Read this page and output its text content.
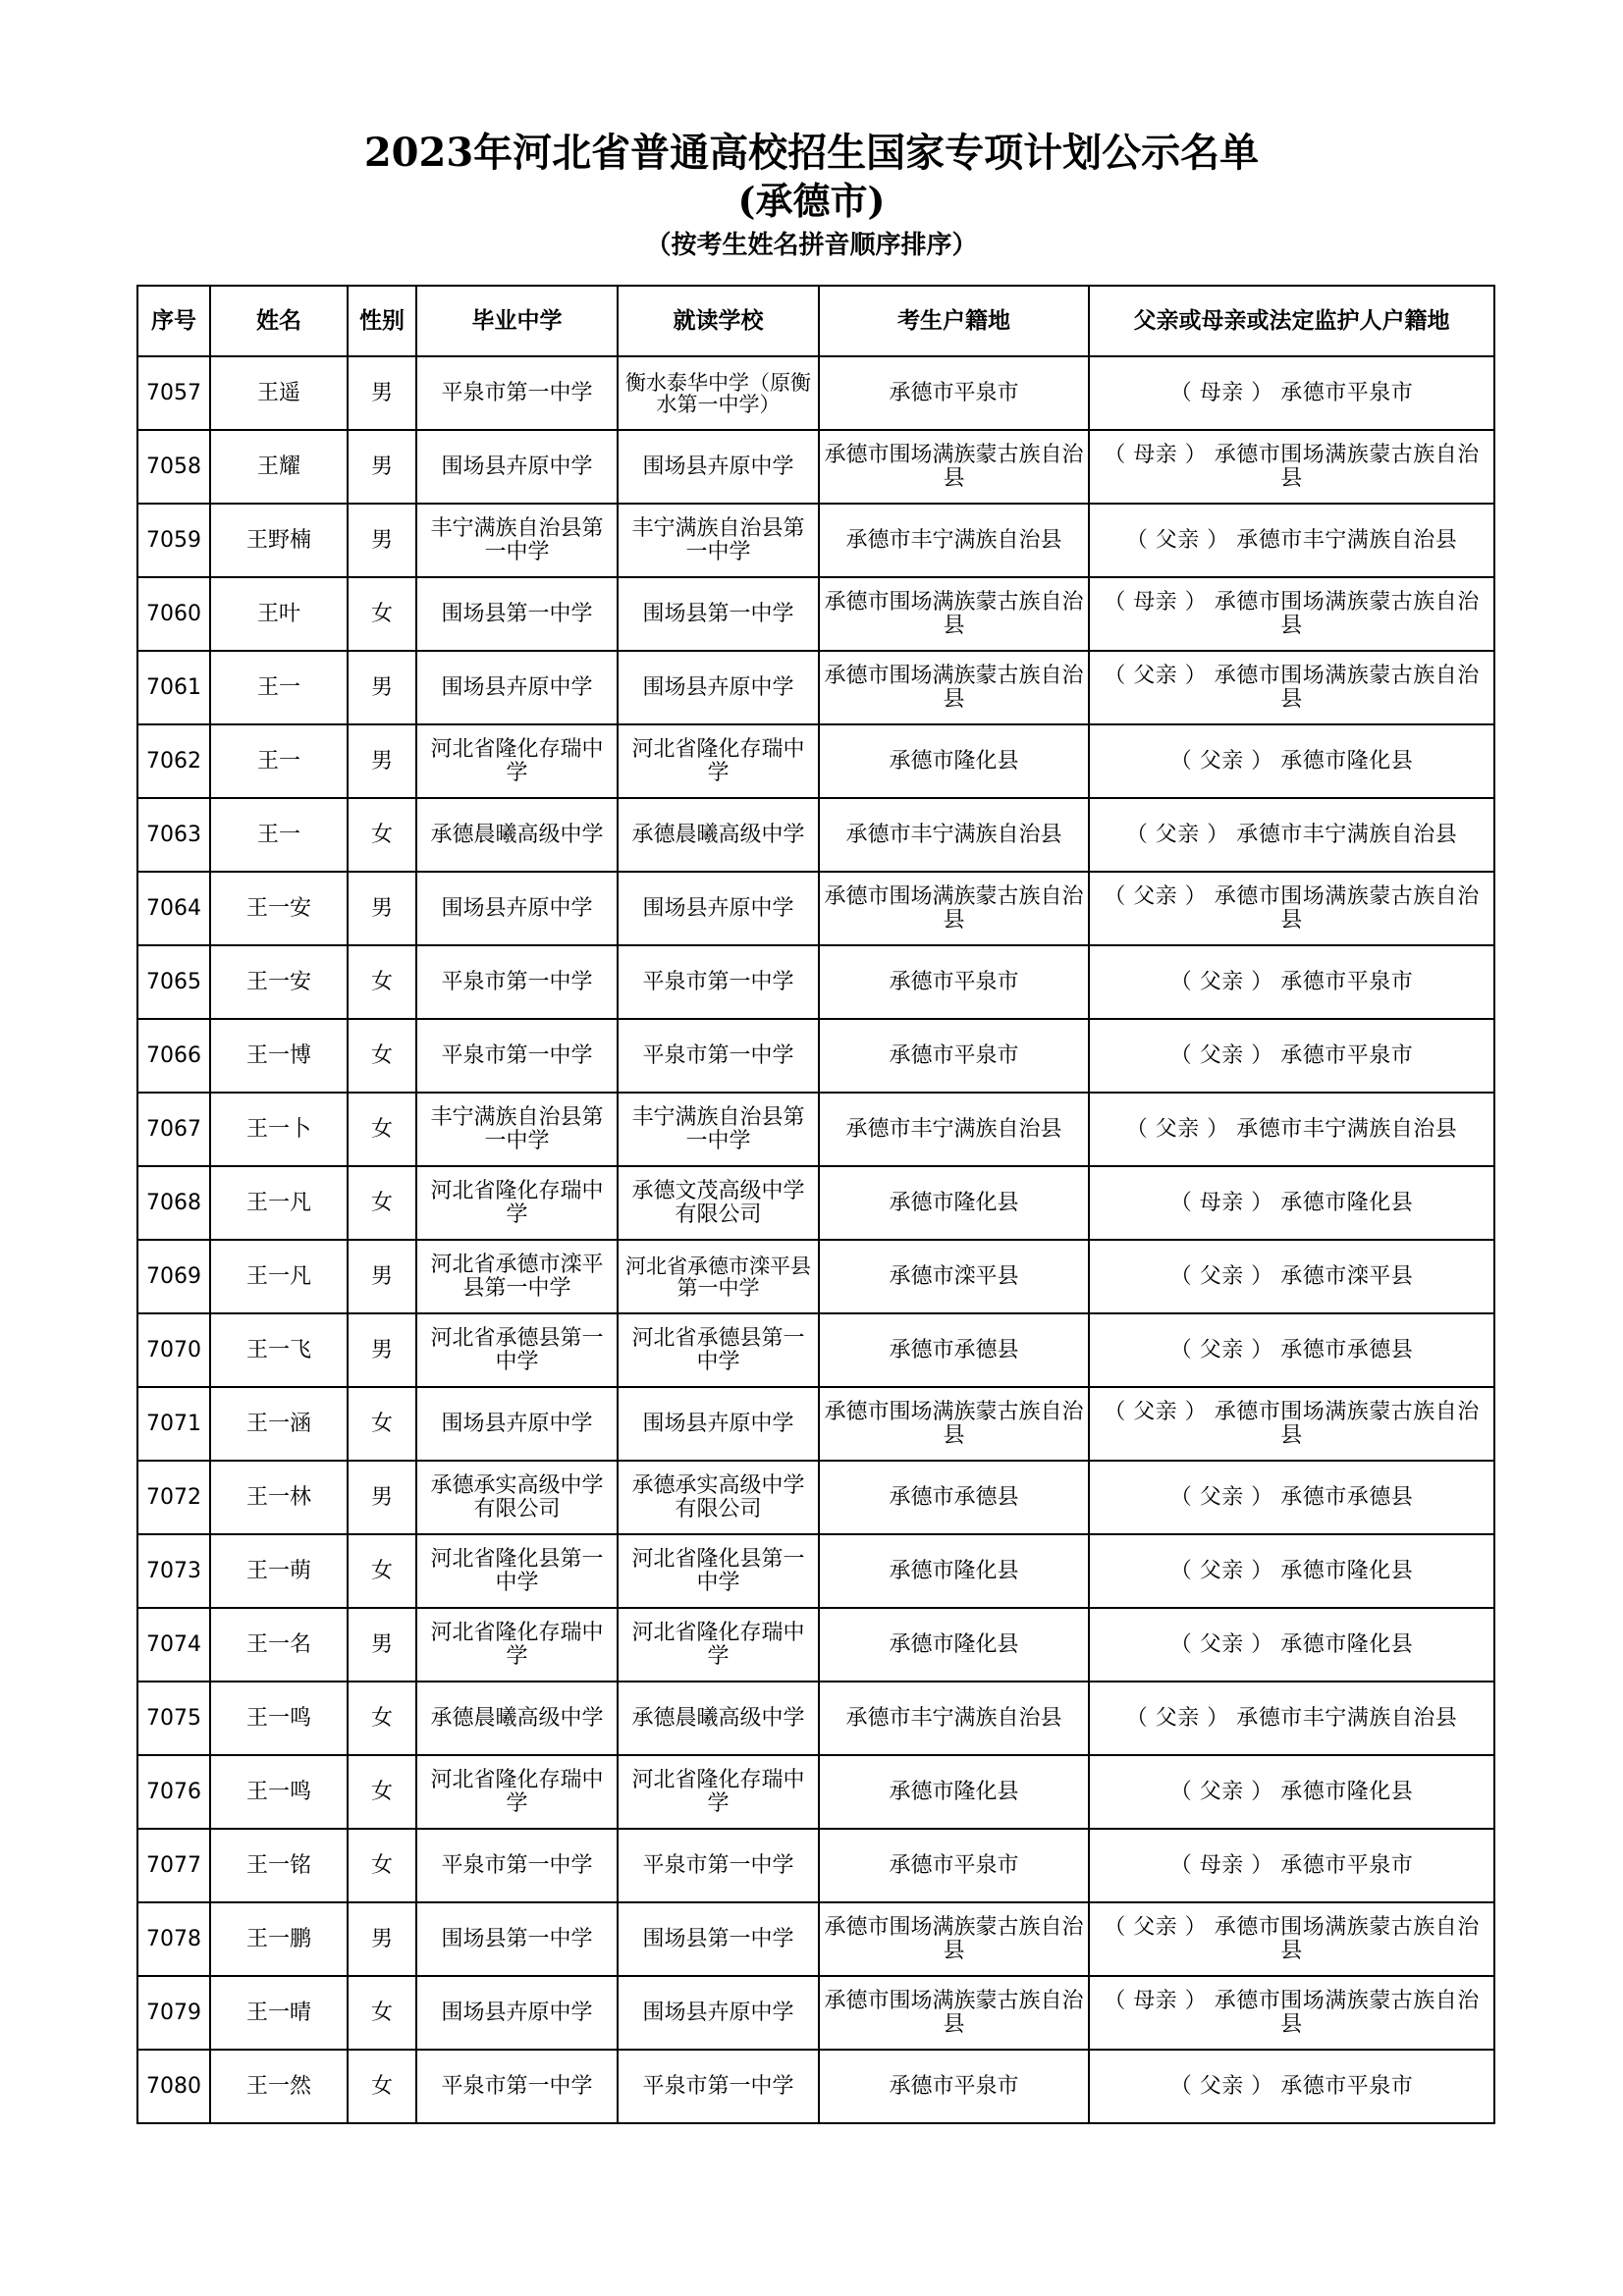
2023年河北省普通高校招生国家专项计划公示名单
(承德市)
（按考生姓名拼音顺序排序）
序号	姓名	性别	毕业中学	就读学校	考生户籍地	父亲或母亲或法定监护人户籍地
7057	王遥	男	平泉市第一中学	衡水泰华中学（原衡水第一中学）	承德市平泉市	（ 母亲 ） 承德市平泉市
7058	王耀	男	围场县卉原中学	围场县卉原中学	承德市围场满族蒙古族自治县	（ 母亲 ） 承德市围场满族蒙古族自治县
7059	王野楠	男	丰宁满族自治县第一中学	丰宁满族自治县第一中学	承德市丰宁满族自治县	（ 父亲 ） 承德市丰宁满族自治县
7060	王叶	女	围场县第一中学	围场县第一中学	承德市围场满族蒙古族自治县	（ 母亲 ） 承德市围场满族蒙古族自治县
7061	王一	男	围场县卉原中学	围场县卉原中学	承德市围场满族蒙古族自治县	（ 父亲 ） 承德市围场满族蒙古族自治县
7062	王一	男	河北省隆化存瑞中学	河北省隆化存瑞中学	承德市隆化县	（ 父亲 ） 承德市隆化县
7063	王一	女	承德晨曦高级中学	承德晨曦高级中学	承德市丰宁满族自治县	（ 父亲 ） 承德市丰宁满族自治县
7064	王一安	男	围场县卉原中学	围场县卉原中学	承德市围场满族蒙古族自治县	（ 父亲 ） 承德市围场满族蒙古族自治县
7065	王一安	女	平泉市第一中学	平泉市第一中学	承德市平泉市	（ 父亲 ） 承德市平泉市
7066	王一博	女	平泉市第一中学	平泉市第一中学	承德市平泉市	（ 父亲 ） 承德市平泉市
7067	王一卜	女	丰宁满族自治县第一中学	丰宁满族自治县第一中学	承德市丰宁满族自治县	（ 父亲 ） 承德市丰宁满族自治县
7068	王一凡	女	河北省隆化存瑞中学	承德文茂高级中学有限公司	承德市隆化县	（ 母亲 ） 承德市隆化县
7069	王一凡	男	河北省承德市滦平县第一中学	河北省承德市滦平县第一中学	承德市滦平县	（ 父亲 ） 承德市滦平县
7070	王一飞	男	河北省承德县第一中学	河北省承德县第一中学	承德市承德县	（ 父亲 ） 承德市承德县
7071	王一涵	女	围场县卉原中学	围场县卉原中学	承德市围场满族蒙古族自治县	（ 父亲 ） 承德市围场满族蒙古族自治县
7072	王一林	男	承德承实高级中学有限公司	承德承实高级中学有限公司	承德市承德县	（ 父亲 ） 承德市承德县
7073	王一萌	女	河北省隆化县第一中学	河北省隆化县第一中学	承德市隆化县	（ 父亲 ） 承德市隆化县
7074	王一名	男	河北省隆化存瑞中学	河北省隆化存瑞中学	承德市隆化县	（ 父亲 ） 承德市隆化县
7075	王一鸣	女	承德晨曦高级中学	承德晨曦高级中学	承德市丰宁满族自治县	（ 父亲 ） 承德市丰宁满族自治县
7076	王一鸣	女	河北省隆化存瑞中学	河北省隆化存瑞中学	承德市隆化县	（ 父亲 ） 承德市隆化县
7077	王一铭	女	平泉市第一中学	平泉市第一中学	承德市平泉市	（ 母亲 ） 承德市平泉市
7078	王一鹏	男	围场县第一中学	围场县第一中学	承德市围场满族蒙古族自治县	（ 父亲 ） 承德市围场满族蒙古族自治县
7079	王一晴	女	围场县卉原中学	围场县卉原中学	承德市围场满族蒙古族自治县	（ 母亲 ） 承德市围场满族蒙古族自治县
7080	王一然	女	平泉市第一中学	平泉市第一中学	承德市平泉市	（ 父亲 ） 承德市平泉市
